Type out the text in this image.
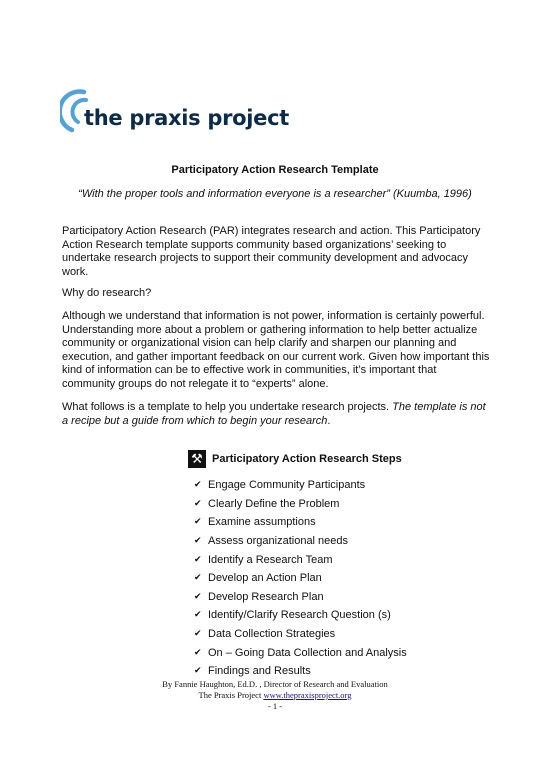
the praxis project
Participatory Action Research Template
“With the proper tools and information everyone is a researcher” (Kuumba, 1996)

Participatory Action Research (PAR) integrates research and action. This Participatory Action Research template supports community based organizations’ seeking to undertake research projects to support their community development and advocacy work.

Why do research?

Although we understand that information is not power, information is certainly powerful. Understanding more about a problem or gathering information to help better actualize community or organizational vision can help clarify and sharpen our planning and execution, and gather important feedback on our current work. Given how important this kind of information can be to effective work in communities, it’s important that community groups do not relegate it to “experts” alone.

What follows is a template to help you undertake research projects. The template is not a recipe but a guide from which to begin your research.

⚒ Participatory Action Research Steps
✔ Engage Community Participants
✔ Clearly Define the Problem
✔ Examine assumptions
✔ Assess organizational needs
✔ Identify a Research Team
✔ Develop an Action Plan
✔ Develop Research Plan
✔ Identify/Clarify Research Question (s)
✔ Data Collection Strategies
✔ On – Going Data Collection and Analysis
✔ Findings and Results
By Fannie Haughton, Ed.D. , Director of Research and Evaluation
The Praxis Project www.thepraxisproject.org
- 1 -
